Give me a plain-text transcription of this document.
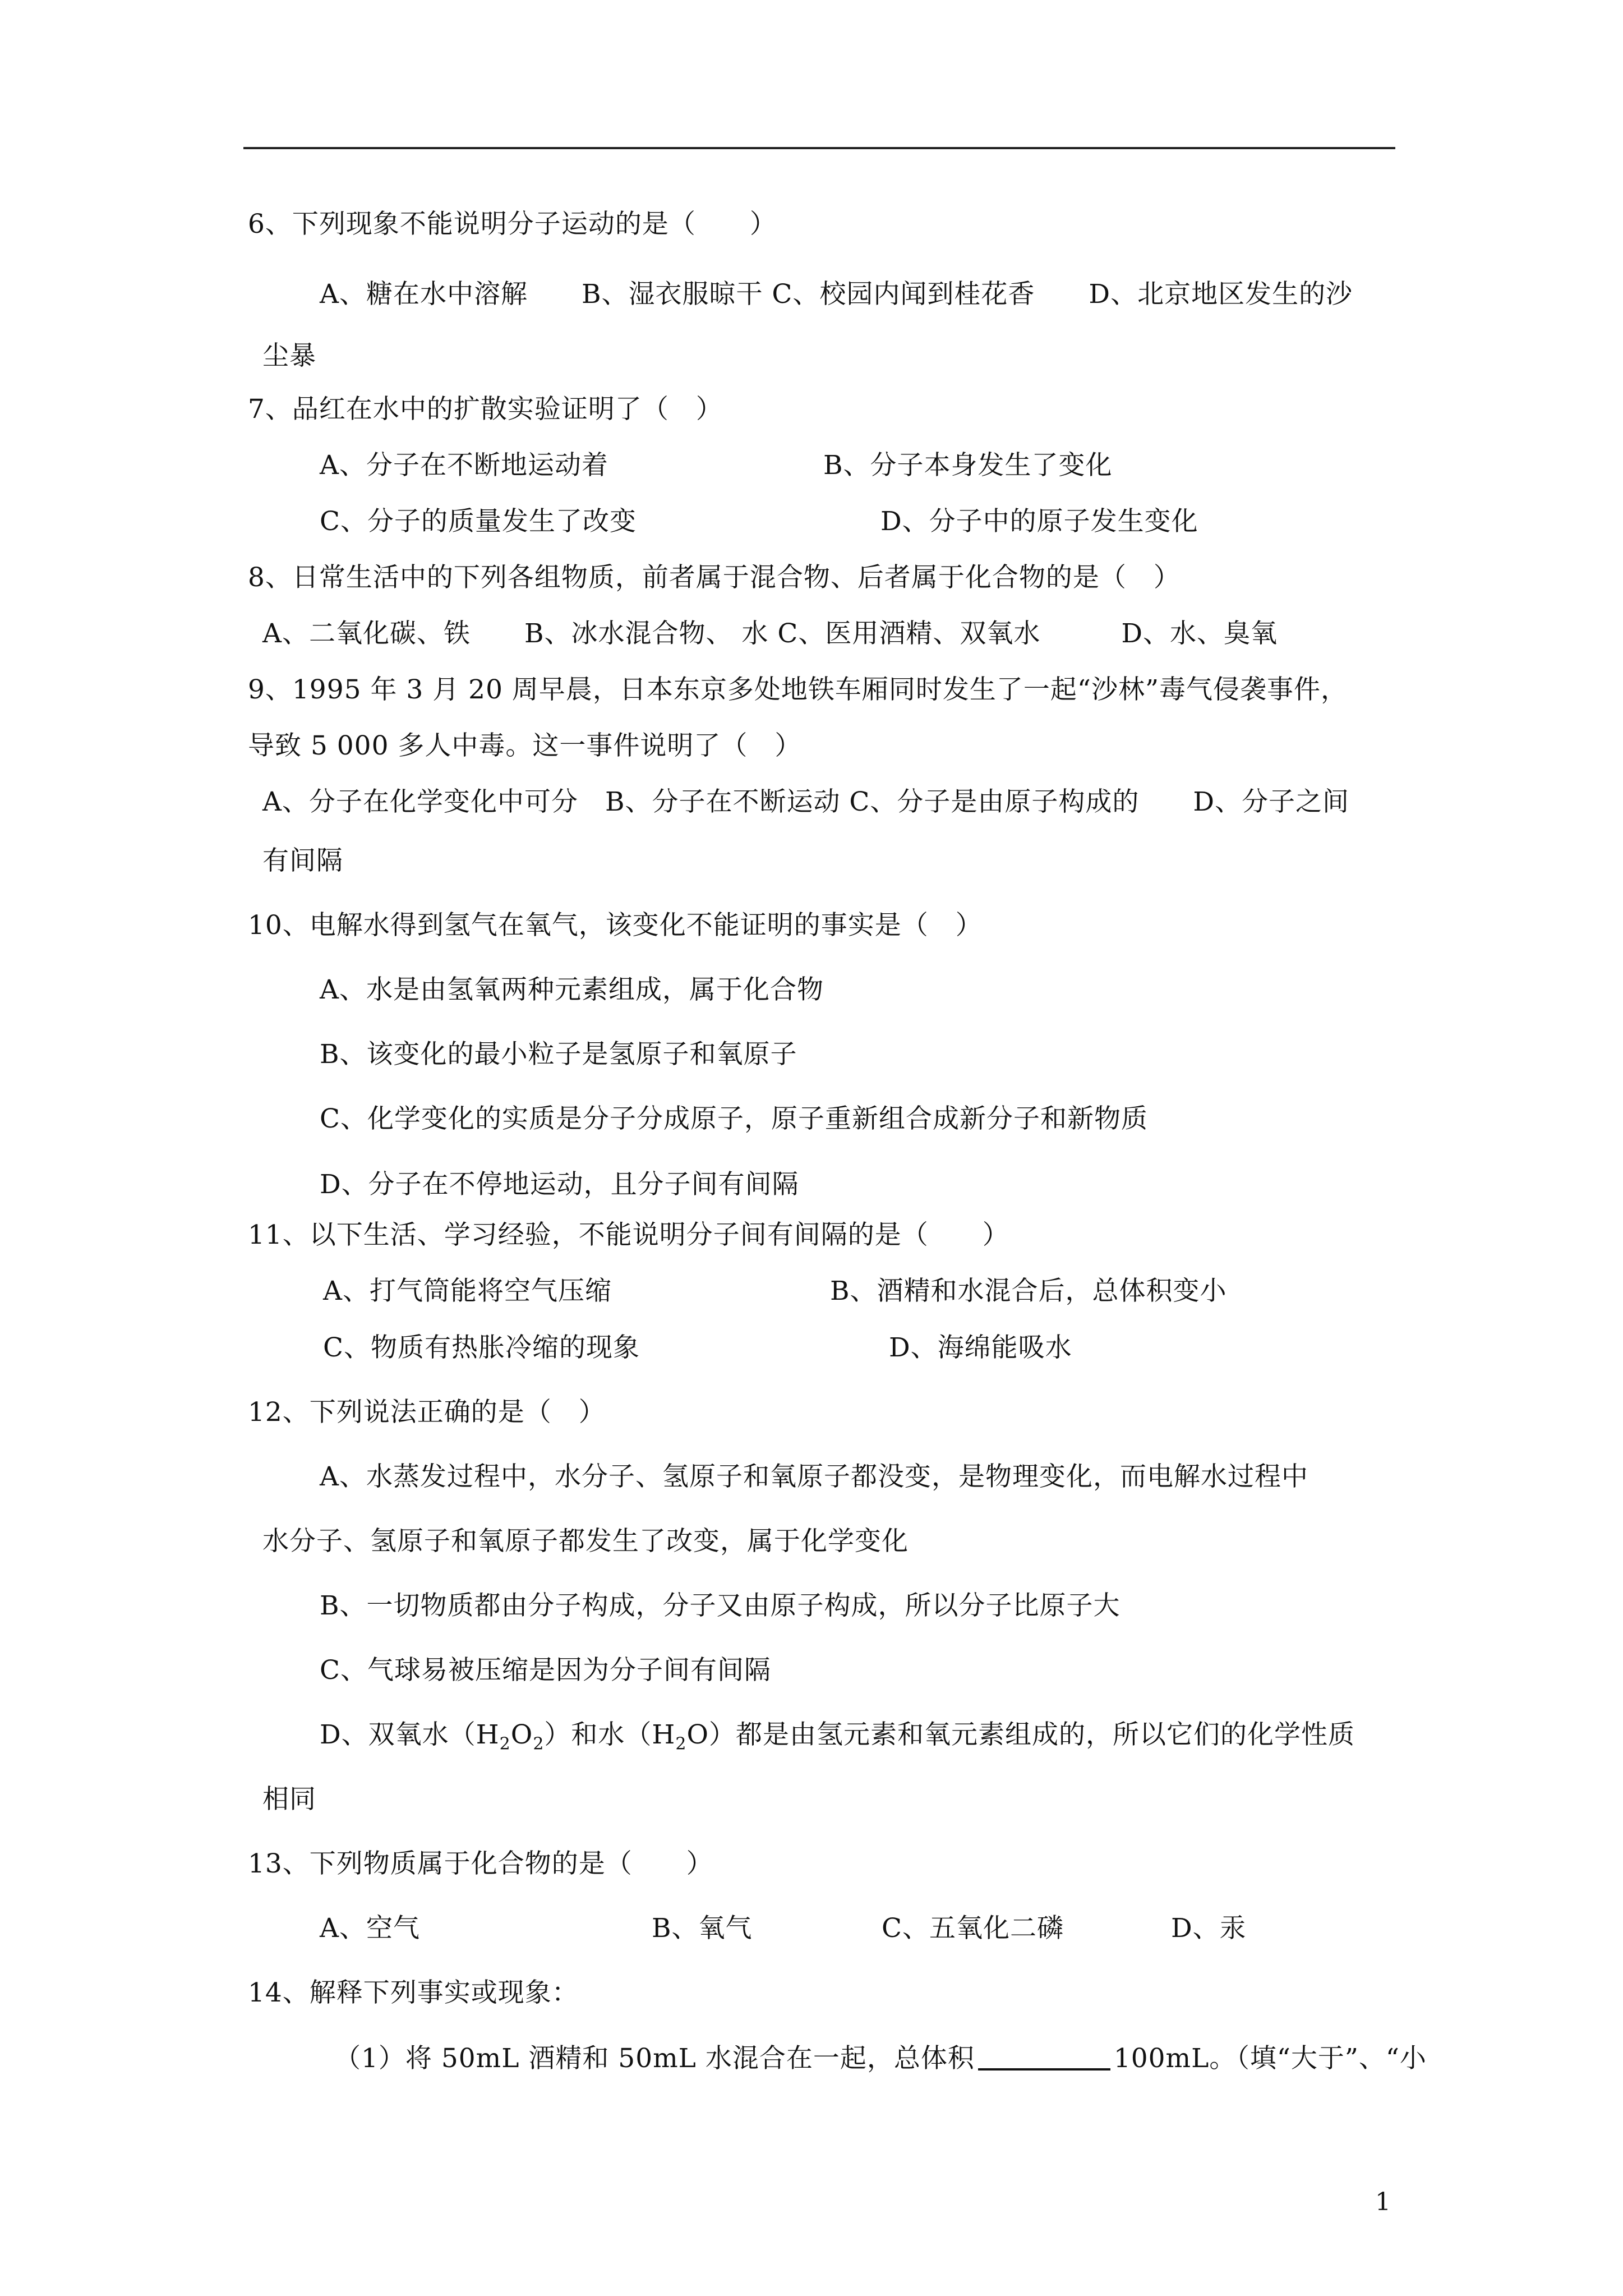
6、下列现象不能说明分子运动的是（　　）
A、糖在水中溶解　　B、湿衣服晾干 C、校园内闻到桂花香　　D、北京地区发生的沙
尘暴
7、品红在水中的扩散实验证明了（　）
A、分子在不断地运动着	B、分子本身发生了变化
C、分子的质量发生了改变	D、分子中的原子发生变化
8、日常生活中的下列各组物质，前者属于混合物、后者属于化合物的是（　）
A、二氧化碳、铁　　B、冰水混合物、 水 C、医用酒精、双氧水　　　D、水、臭氧
9、1995 年 3 月 20 周早晨，日本东京多处地铁车厢同时发生了一起“沙林”毒气侵袭事件，
导致 5 000 多人中毒。这一事件说明了（　）
A、分子在化学变化中可分　B、分子在不断运动 C、分子是由原子构成的　　D、分子之间
有间隔
10、电解水得到氢气在氧气，该变化不能证明的事实是（　）
A、水是由氢氧两种元素组成，属于化合物
B、该变化的最小粒子是氢原子和氧原子
C、化学变化的实质是分子分成原子，原子重新组合成新分子和新物质
D、分子在不停地运动，且分子间有间隔
11、以下生活、学习经验，不能说明分子间有间隔的是（　　）
A、打气筒能将空气压缩	B、酒精和水混合后，总体积变小
C、物质有热胀冷缩的现象	D、海绵能吸水
12、下列说法正确的是（　）
A、水蒸发过程中，水分子、氢原子和氧原子都没变，是物理变化，而电解水过程中
水分子、氢原子和氧原子都发生了改变，属于化学变化
B、一切物质都由分子构成，分子又由原子构成，所以分子比原子大
C、气球易被压缩是因为分子间有间隔
D、双氧水$(H_2O_2)$和水$(H_2O)$都是由氢元素和氧元素组成的，所以它们的化学性质
相同
13、下列物质属于化合物的是（　　）
A、空气	B、氧气	C、五氧化二磷	D、汞
14、解释下列事实或现象：
（1）将 50mL 酒精和 50mL 水混合在一起，总体积	100mL。（填“大于”、“小
1
